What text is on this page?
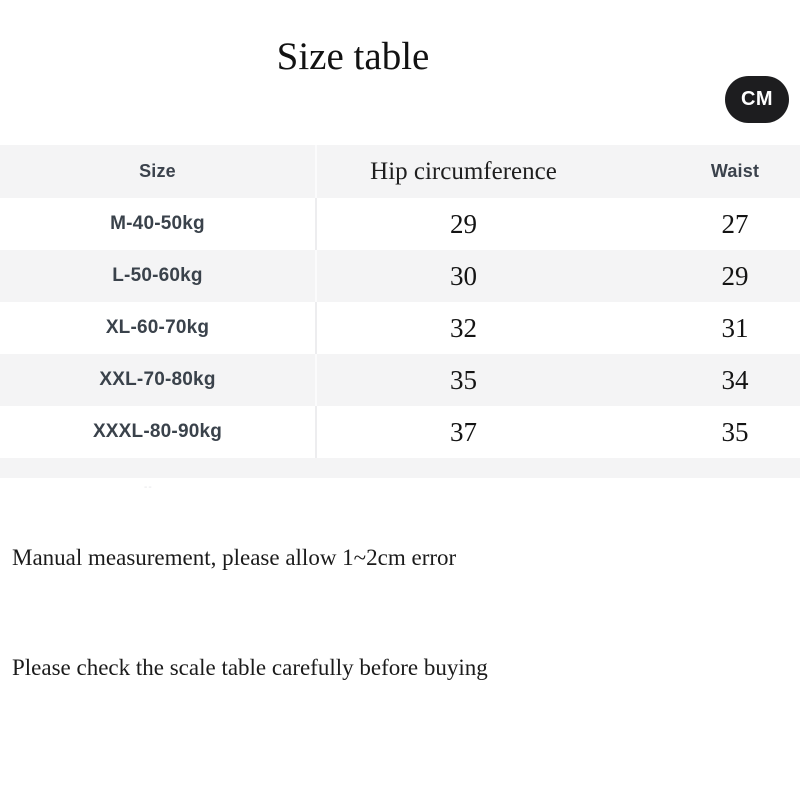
Size table
CM
Size	Hip circumference	Waist
M-40-50kg	29	27
L-50-60kg	30	29
XL-60-70kg	32	31
XXL-70-80kg	35	34
XXXL-80-90kg	37	35
--
Manual measurement, please allow 1~2cm error
Please check the scale table carefully before buying
